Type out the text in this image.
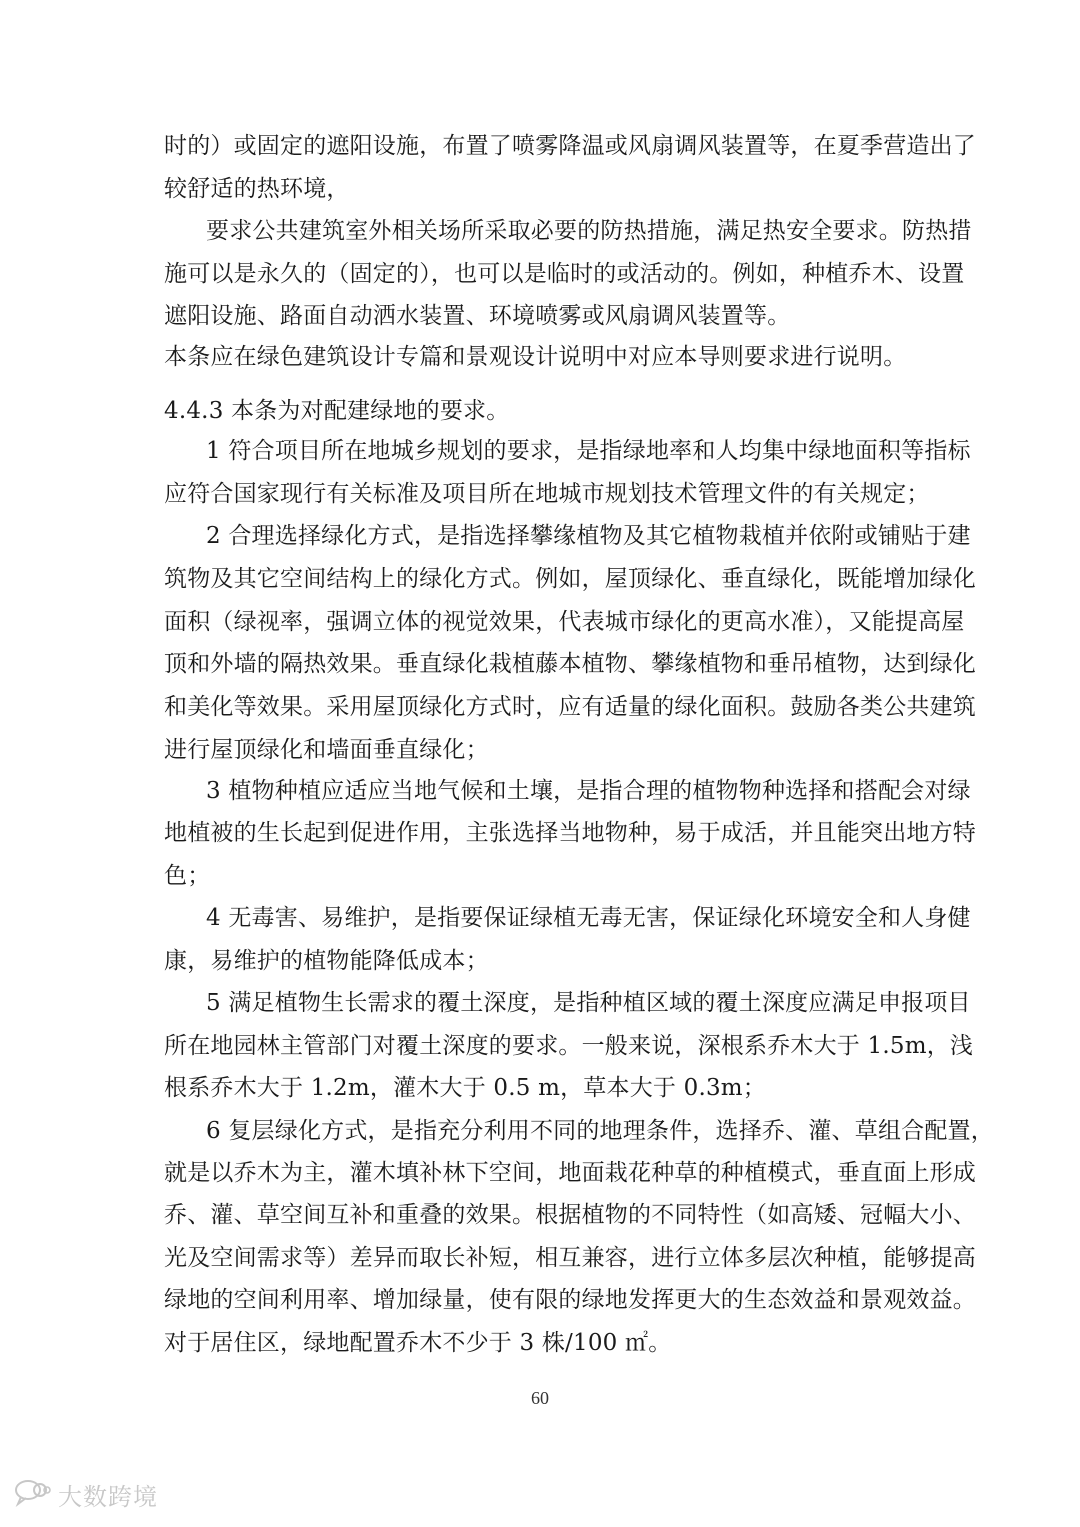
时的）或固定的遮阳设施，布置了喷雾降温或风扇调风装置等，在夏季营造出了
较舒适的热环境，
要求公共建筑室外相关场所采取必要的防热措施，满足热安全要求。防热措
施可以是永久的（固定的），也可以是临时的或活动的。例如，种植乔木、设置
遮阳设施、路面自动洒水装置、环境喷雾或风扇调风装置等。
本条应在绿色建筑设计专篇和景观设计说明中对应本导则要求进行说明。
4.4.3 本条为对配建绿地的要求。
1 符合项目所在地城乡规划的要求，是指绿地率和人均集中绿地面积等指标
应符合国家现行有关标准及项目所在地城市规划技术管理文件的有关规定；
2 合理选择绿化方式，是指选择攀缘植物及其它植物栽植并依附或铺贴于建
筑物及其它空间结构上的绿化方式。例如，屋顶绿化、垂直绿化，既能增加绿化
面积（绿视率，强调立体的视觉效果，代表城市绿化的更高水准），又能提高屋
顶和外墙的隔热效果。垂直绿化栽植藤本植物、攀缘植物和垂吊植物，达到绿化
和美化等效果。采用屋顶绿化方式时，应有适量的绿化面积。鼓励各类公共建筑
进行屋顶绿化和墙面垂直绿化；
3 植物种植应适应当地气候和土壤，是指合理的植物物种选择和搭配会对绿
地植被的生长起到促进作用，主张选择当地物种，易于成活，并且能突出地方特
色；
4 无毒害、易维护，是指要保证绿植无毒无害，保证绿化环境安全和人身健
康，易维护的植物能降低成本；
5 满足植物生长需求的覆土深度，是指种植区域的覆土深度应满足申报项目
所在地园林主管部门对覆土深度的要求。一般来说，深根系乔木大于 1.5m，浅
根系乔木大于 1.2m，灌木大于 0.5 m，草本大于 0.3m；
6 复层绿化方式，是指充分利用不同的地理条件，选择乔、灌、草组合配置，
就是以乔木为主，灌木填补林下空间，地面栽花种草的种植模式，垂直面上形成
乔、灌、草空间互补和重叠的效果。根据植物的不同特性（如高矮、冠幅大小、
光及空间需求等）差异而取长补短，相互兼容，进行立体多层次种植，能够提高
绿地的空间利用率、增加绿量，使有限的绿地发挥更大的生态效益和景观效益。
对于居住区，绿地配置乔木不少于 3 株/100 ㎡。
60
大数跨境
